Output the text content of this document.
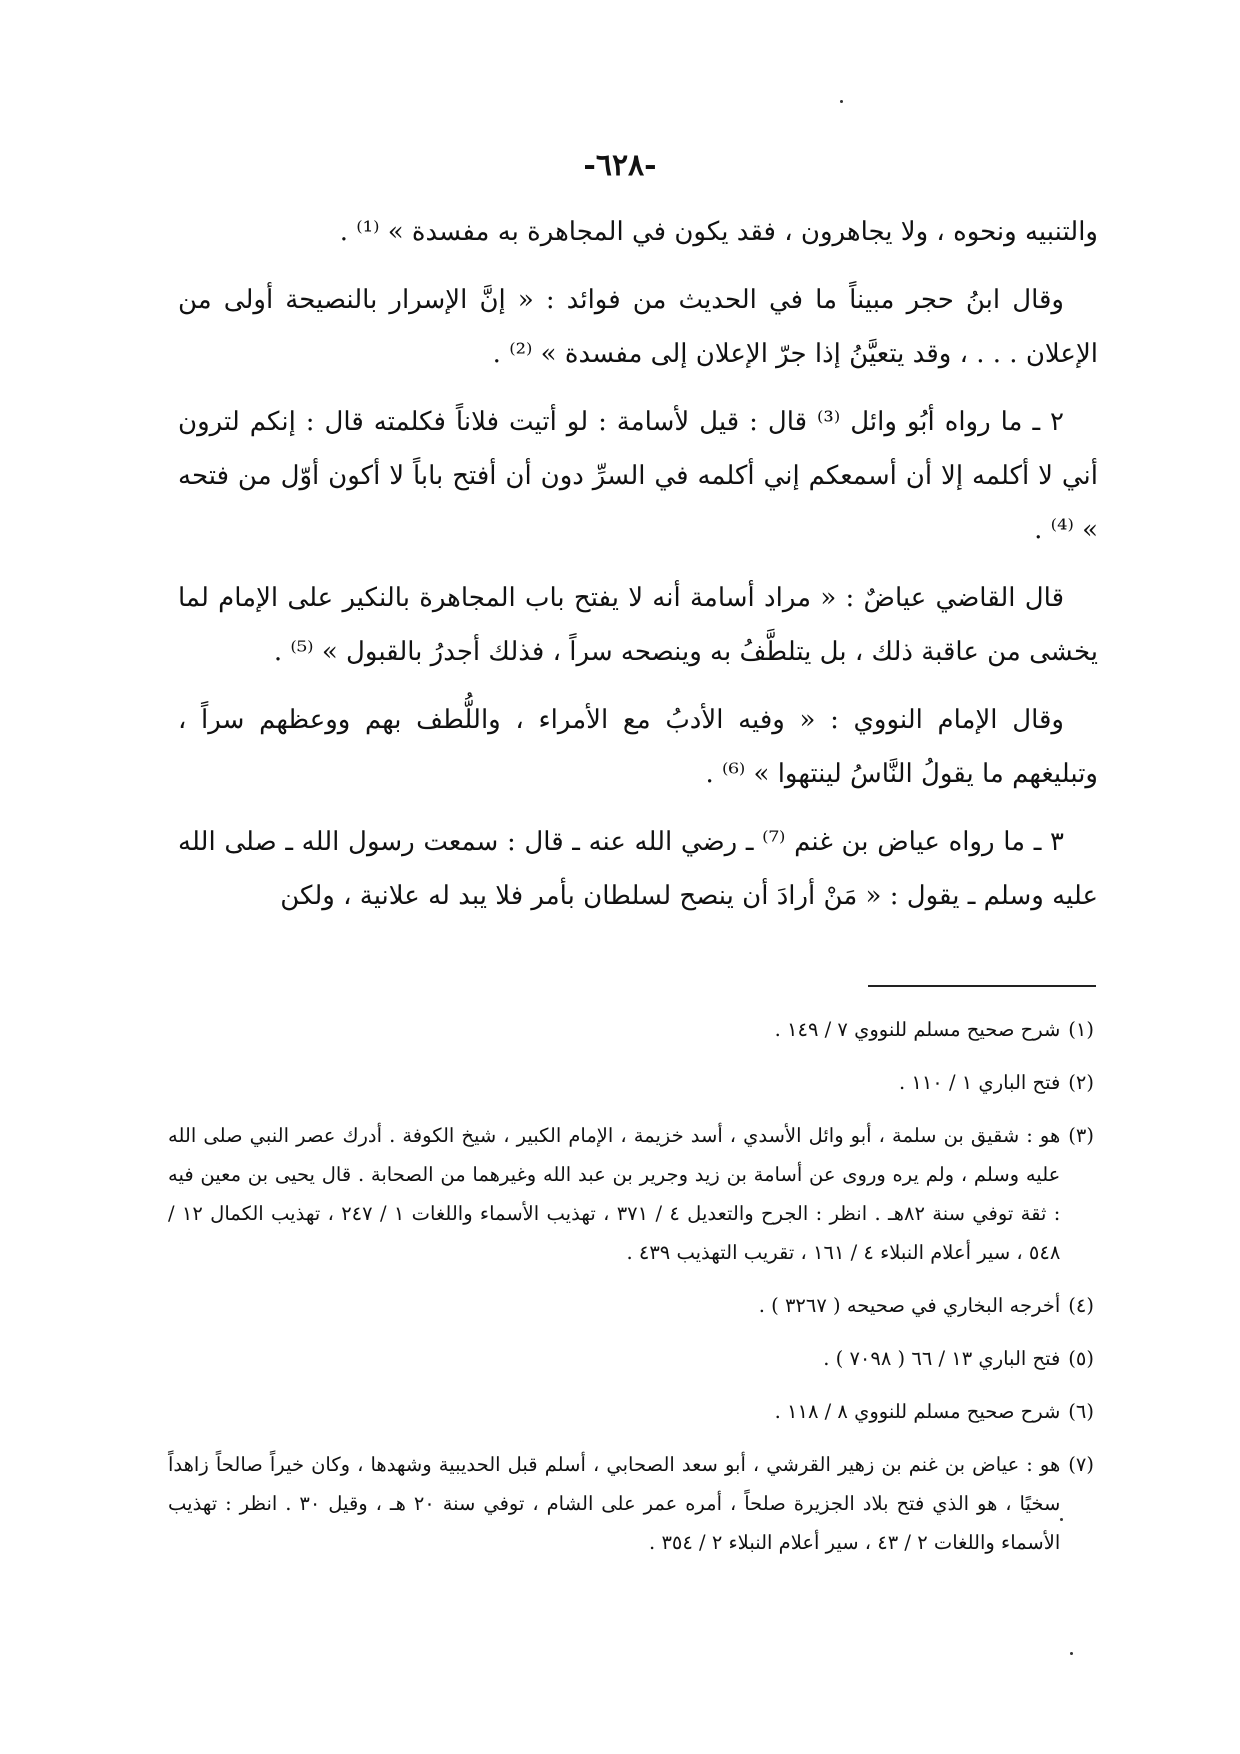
-٦٢٨-

والتنبيه ونحوه ، ولا يجاهرون ، فقد يكون في المجاهرة به مفسدة » ⁽¹⁾ .

وقال ابنُ حجر مبيناً ما في الحديث من فوائد : « إنَّ الإسرار بالنصيحة أولى من الإعلان . . . ، وقد يتعيَّنُ إذا جرّ الإعلان إلى مفسدة » ⁽²⁾ .

٢ ـ ما رواه أبُو وائل ⁽³⁾ قال : قيل لأسامة : لو أتيت فلاناً فكلمته قال : إنكم لترون أني لا أكلمه إلا أن أسمعكم إني أكلمه في السرِّ دون أن أفتح باباً لا أكون أوّل من فتحه » ⁽⁴⁾ .

قال القاضي عياضٌ : « مراد أسامة أنه لا يفتح باب المجاهرة بالنكير على الإمام لما يخشى من عاقبة ذلك ، بل يتلطَّفُ به وينصحه سراً ، فذلك أجدرُ بالقبول » ⁽⁵⁾ .

وقال الإمام النووي : « وفيه الأدبُ مع الأمراء ، واللُّطف بهم ووعظهم سراً ، وتبليغهم ما يقولُ النَّاسُ لينتهوا » ⁽⁶⁾ .

٣ ـ ما رواه عياض بن غنم ⁽⁷⁾ ـ رضي الله عنه ـ قال : سمعت رسول الله ـ صلى الله عليه وسلم ـ يقول : « مَنْ أرادَ أن ينصح لسلطان بأمر فلا يبد له علانية ، ولكن

(١)
شرح صحيح مسلم للنووي ٧ / ١٤٩ .
(٢)
فتح الباري ١ / ١١٠ .
(٣)
هو : شقيق بن سلمة ، أبو وائل الأسدي ، أسد خزيمة ، الإمام الكبير ، شيخ الكوفة . أدرك عصر النبي صلى الله عليه وسلم ، ولم يره وروى عن أسامة بن زيد وجرير بن عبد الله وغيرهما من الصحابة . قال يحيى بن معين فيه : ثقة توفي سنة ٨٢هـ . انظر : الجرح والتعديل ٤ / ٣٧١ ، تهذيب الأسماء واللغات ١ / ٢٤٧ ، تهذيب الكمال ١٢ / ٥٤٨ ، سير أعلام النبلاء ٤ / ١٦١ ، تقريب التهذيب ٤٣٩ .
(٤)
أخرجه البخاري في صحيحه ( ٣٢٦٧ ) .
(٥)
فتح الباري ١٣ / ٦٦ ( ٧٠٩٨ ) .
(٦)
شرح صحيح مسلم للنووي ٨ / ١١٨ .
(٧)
هو : عياض بن غنم بن زهير القرشي ، أبو سعد الصحابي ، أسلم قبل الحديبية وشهدها ، وكان خيراً صالحاً زاهداً سخيًا ، هو الذي فتح بلاد الجزيرة صلحاً ، أمره عمر على الشام ، توفي سنة ٢٠ هـ ، وقيل ٣٠ . انظر : تهذيب الأسماء واللغات ٢ / ٤٣ ، سير أعلام النبلاء ٢ / ٣٥٤ .
